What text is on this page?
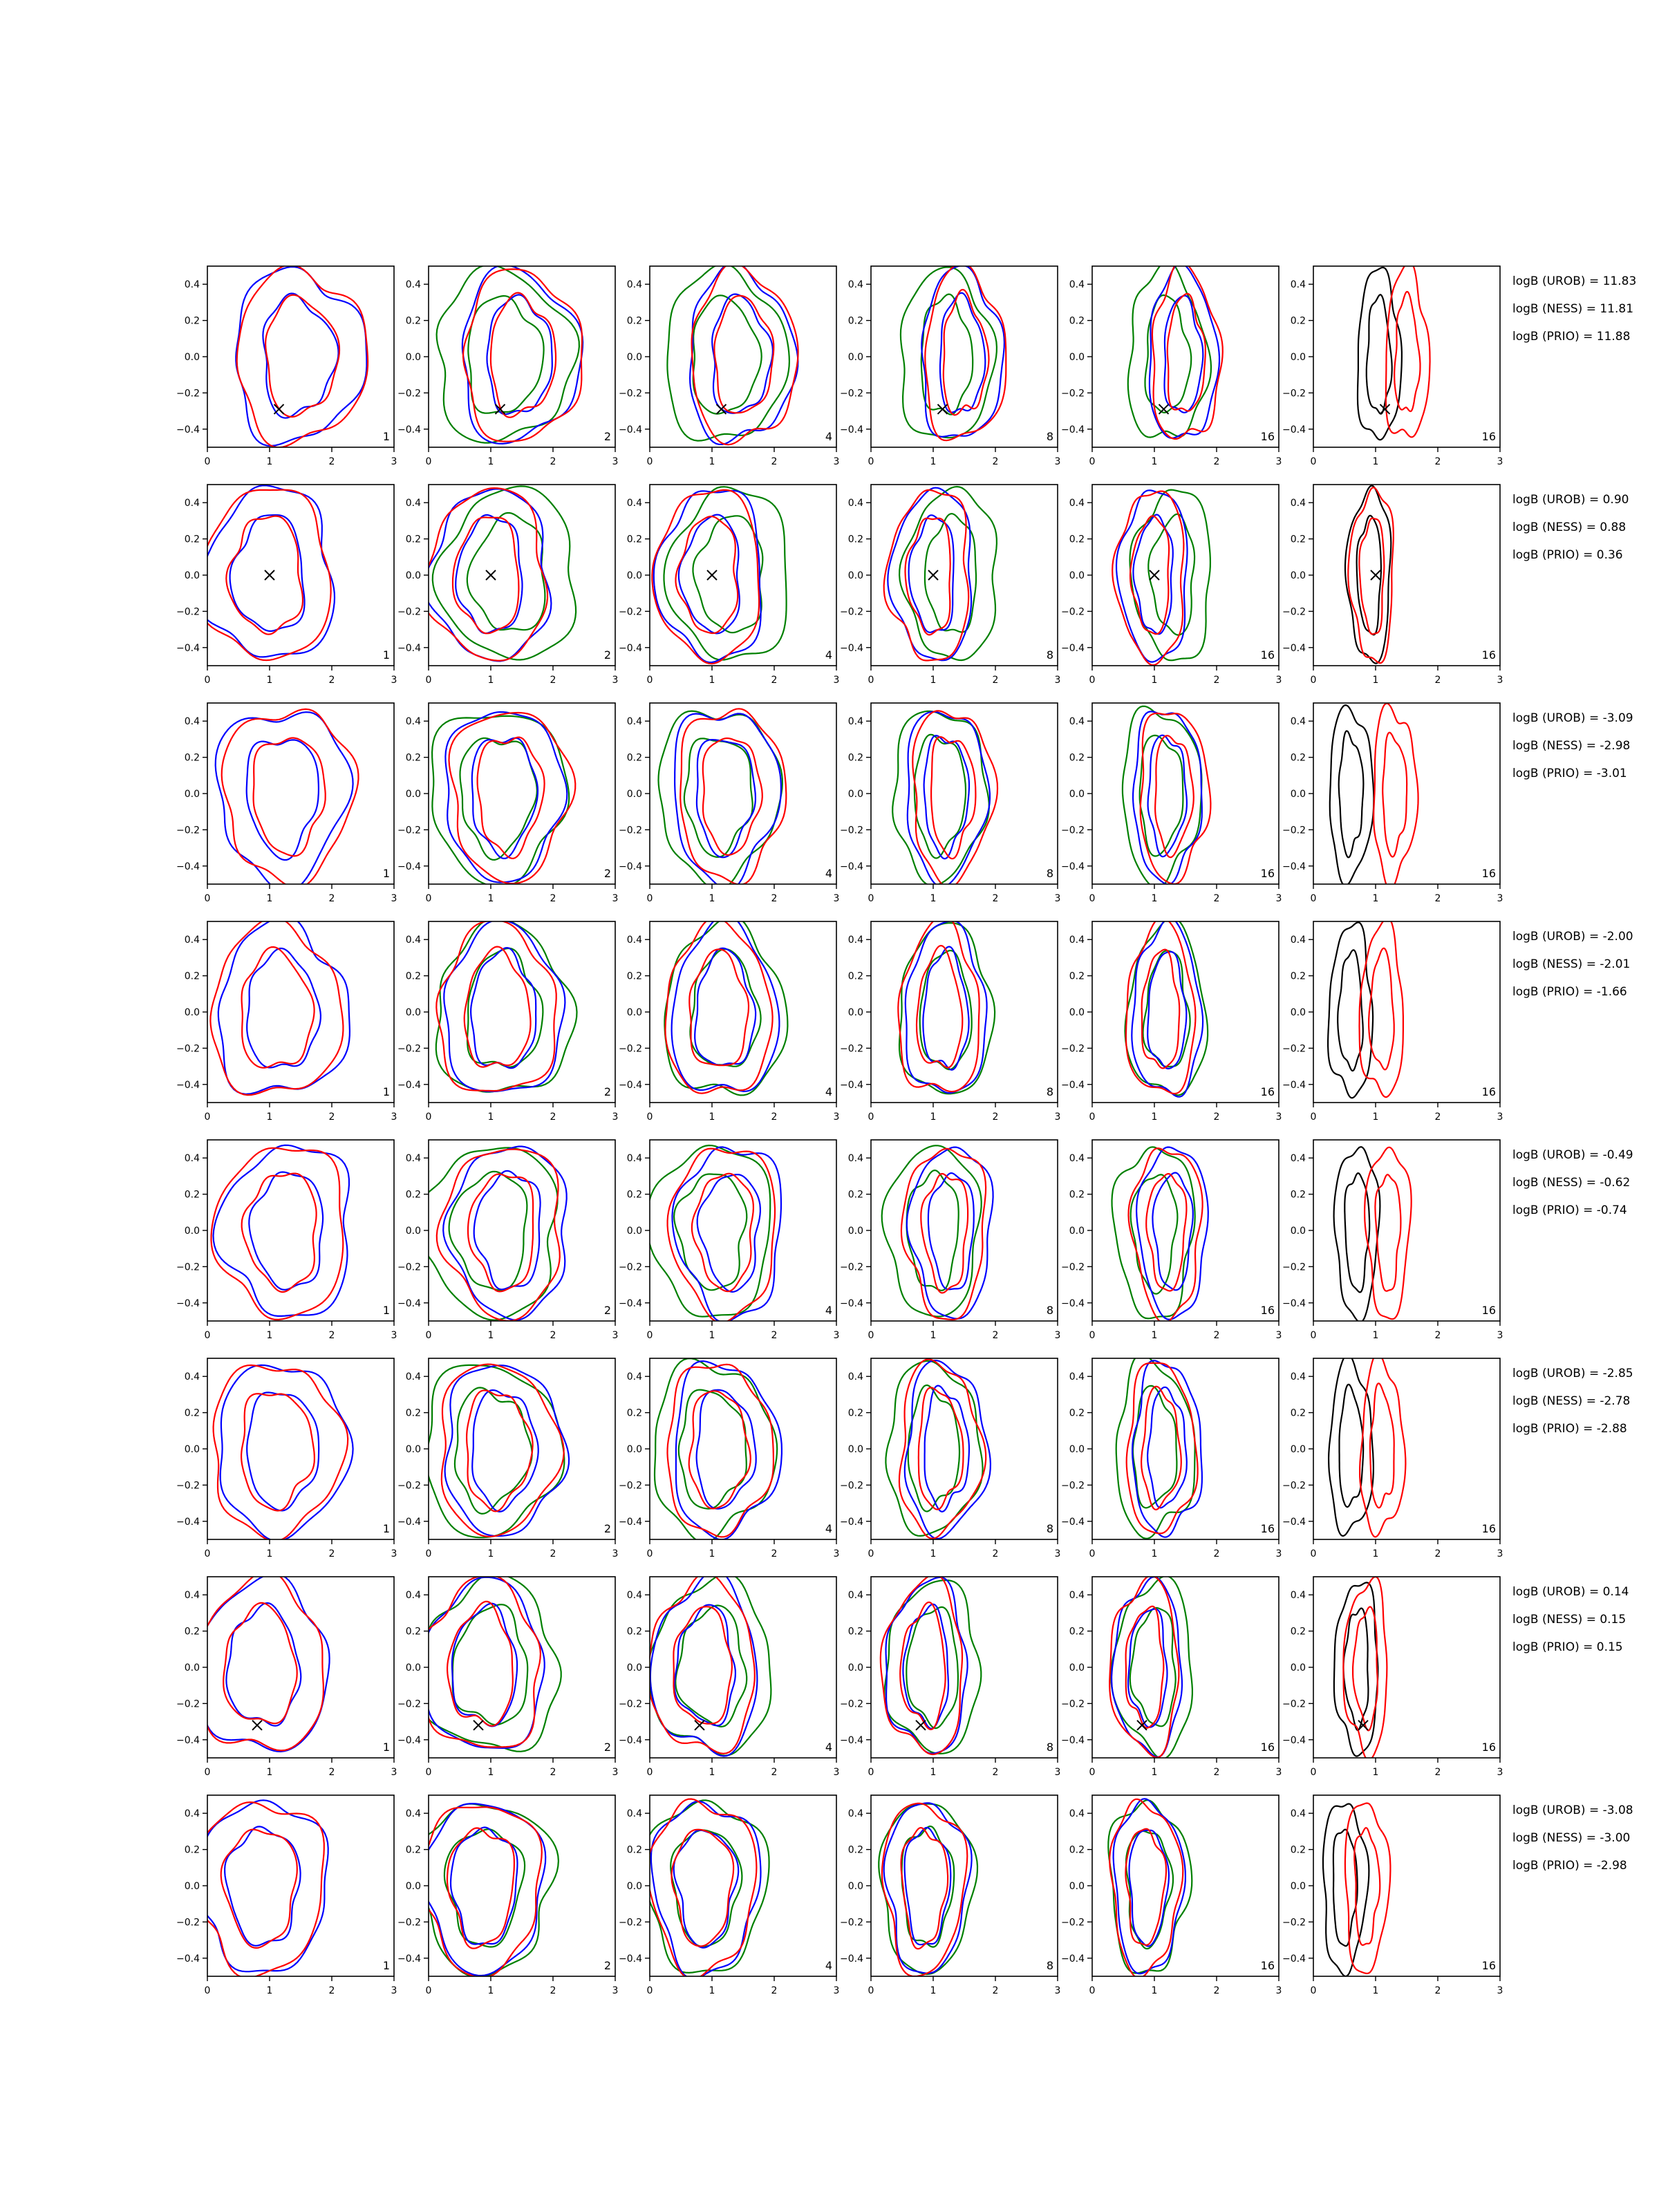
0	1	2	3
−0.4
−0.2
0.0
0.2
0.4
1
0	1	2	3
−0.4
−0.2
0.0
0.2
0.4
2
0	1	2	3
−0.4
−0.2
0.0
0.2
0.4
4
0	1	2	3
−0.4
−0.2
0.0
0.2
0.4
8
0	1	2	3
−0.4
−0.2
0.0
0.2
0.4
16
0	1	2	3
−0.4
−0.2
0.0
0.2
0.4
16
0	1	2	3
−0.4
−0.2
0.0
0.2
0.4
1
0	1	2	3
−0.4
−0.2
0.0
0.2
0.4
2
0	1	2	3
−0.4
−0.2
0.0
0.2
0.4
4
0	1	2	3
−0.4
−0.2
0.0
0.2
0.4
8
0	1	2	3
−0.4
−0.2
0.0
0.2
0.4
16
0	1	2	3
−0.4
−0.2
0.0
0.2
0.4
16
0	1	2	3
−0.4
−0.2
0.0
0.2
0.4
1
0	1	2	3
−0.4
−0.2
0.0
0.2
0.4
2
0	1	2	3
−0.4
−0.2
0.0
0.2
0.4
4
0	1	2	3
−0.4
−0.2
0.0
0.2
0.4
8
0	1	2	3
−0.4
−0.2
0.0
0.2
0.4
16
0	1	2	3
−0.4
−0.2
0.0
0.2
0.4
16
0	1	2	3
−0.4
−0.2
0.0
0.2
0.4
1
0	1	2	3
−0.4
−0.2
0.0
0.2
0.4
2
0	1	2	3
−0.4
−0.2
0.0
0.2
0.4
4
0	1	2	3
−0.4
−0.2
0.0
0.2
0.4
8
0	1	2	3
−0.4
−0.2
0.0
0.2
0.4
16
0	1	2	3
−0.4
−0.2
0.0
0.2
0.4
16
0	1	2	3
−0.4
−0.2
0.0
0.2
0.4
1
0	1	2	3
−0.4
−0.2
0.0
0.2
0.4
2
0	1	2	3
−0.4
−0.2
0.0
0.2
0.4
4
0	1	2	3
−0.4
−0.2
0.0
0.2
0.4
8
0	1	2	3
−0.4
−0.2
0.0
0.2
0.4
16
0	1	2	3
−0.4
−0.2
0.0
0.2
0.4
16
0	1	2	3
−0.4
−0.2
0.0
0.2
0.4
1
0	1	2	3
−0.4
−0.2
0.0
0.2
0.4
2
0	1	2	3
−0.4
−0.2
0.0
0.2
0.4
4
0	1	2	3
−0.4
−0.2
0.0
0.2
0.4
8
0	1	2	3
−0.4
−0.2
0.0
0.2
0.4
16
0	1	2	3
−0.4
−0.2
0.0
0.2
0.4
16
0	1	2	3
−0.4
−0.2
0.0
0.2
0.4
1
0	1	2	3
−0.4
−0.2
0.0
0.2
0.4
2
0	1	2	3
−0.4
−0.2
0.0
0.2
0.4
4
0	1	2	3
−0.4
−0.2
0.0
0.2
0.4
8
0	1	2	3
−0.4
−0.2
0.0
0.2
0.4
16
0	1	2	3
−0.4
−0.2
0.0
0.2
0.4
16
0	1	2	3
−0.4
−0.2
0.0
0.2
0.4
1
0	1	2	3
−0.4
−0.2
0.0
0.2
0.4
2
0	1	2	3
−0.4
−0.2
0.0
0.2
0.4
4
0	1	2	3
−0.4
−0.2
0.0
0.2
0.4
8
0	1	2	3
−0.4
−0.2
0.0
0.2
0.4
16
0	1	2	3
−0.4
−0.2
0.0
0.2
0.4
16
logB (UROB) = 11.83
logB (NESS) = 11.81
logB (PRIO) = 11.88
logB (UROB) = 0.90
logB (NESS) = 0.88
logB (PRIO) = 0.36
logB (UROB) = -3.09
logB (NESS) = -2.98
logB (PRIO) = -3.01
logB (UROB) = -2.00
logB (NESS) = -2.01
logB (PRIO) = -1.66
logB (UROB) = -0.49
logB (NESS) = -0.62
logB (PRIO) = -0.74
logB (UROB) = -2.85
logB (NESS) = -2.78
logB (PRIO) = -2.88
logB (UROB) = 0.14
logB (NESS) = 0.15
logB (PRIO) = 0.15
logB (UROB) = -3.08
logB (NESS) = -3.00
logB (PRIO) = -2.98
